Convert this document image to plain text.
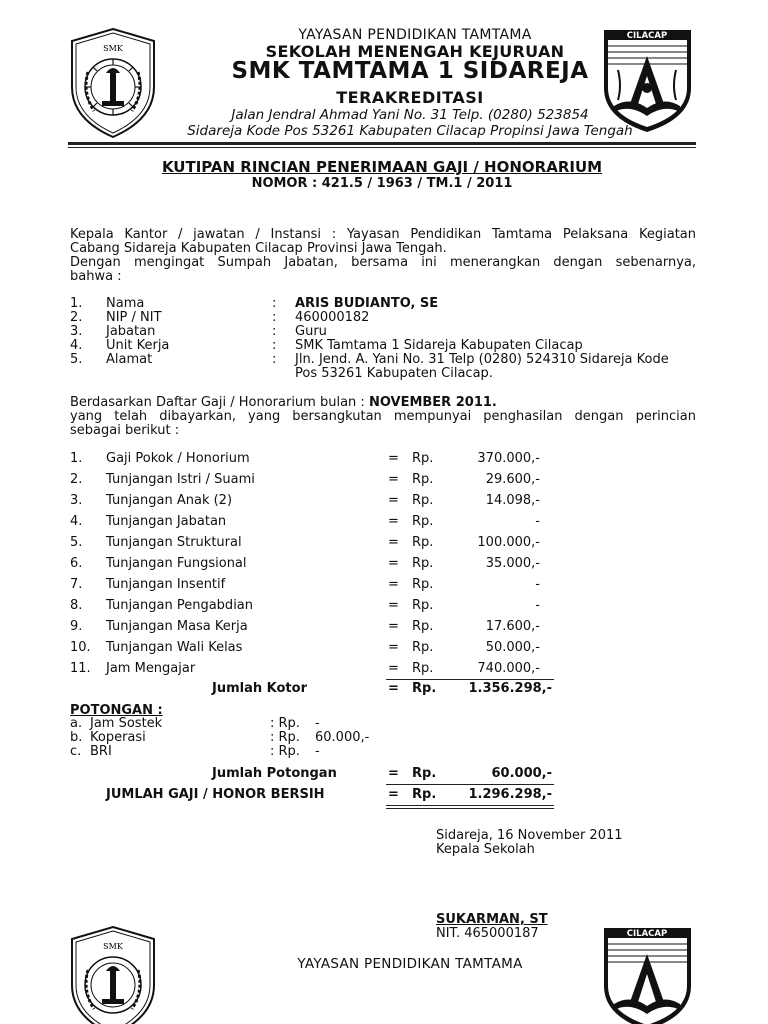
SMK
CILACAP
YAYASAN PENDIDIKAN TAMTAMA
SEKOLAH MENENGAH KEJURUAN
SMK TAMTAMA 1 SIDAREJA
TERAKREDITASI
Jalan Jendral Ahmad Yani No. 31 Telp. (0280) 523854
Sidareja Kode Pos 53261 Kabupaten Cilacap Propinsi Jawa Tengah
KUTIPAN RINCIAN PENERIMAAN GAJI / HONORARIUM
NOMOR : 421.5 / 1963 / TM.1 / 2011
Kepala Kantor / jawatan / Instansi : Yayasan Pendidikan Tamtama Pelaksana Kegiatan
Cabang Sidareja Kabupaten Cilacap Provinsi Jawa Tengah.
Dengan mengingat Sumpah Jabatan, bersama ini menerangkan dengan sebenarnya,
bahwa :
1. Nama	: ARIS BUDIANTO, SE
2. NIP / NIT	: 460000182
3. Jabatan	: Guru
4. Unit Kerja	: SMK Tamtama 1 Sidareja Kabupaten Cilacap
5. Alamat	: Jln. Jend. A. Yani No. 31 Telp (0280) 524310 Sidareja Kode
Pos 53261 Kabupaten Cilacap.
Berdasarkan Daftar Gaji / Honorarium bulan : NOVEMBER 2011.
yang telah dibayarkan, yang bersangkutan mempunyai penghasilan dengan perincian
sebagai berikut :
1. Gaji Pokok / Honorium	= Rp.	370.000,-
2. Tunjangan Istri / Suami	= Rp.	29.600,-
3. Tunjangan Anak (2)	= Rp.	14.098,-
4. Tunjangan Jabatan	= Rp.	-
5. Tunjangan Struktural	= Rp.	100.000,-
6. Tunjangan Fungsional	= Rp.	35.000,-
7. Tunjangan Insentif	= Rp.	-
8. Tunjangan Pengabdian	= Rp.	-
9. Tunjangan Masa Kerja	= Rp.	17.600,-
10. Tunjangan Wali Kelas	= Rp.	50.000,-
11. Jam Mengajar	= Rp.	740.000,-
Jumlah Kotor	= Rp.	1.356.298,-
POTONGAN :
a. Jam Sostek	: Rp. -
b. Koperasi	: Rp. 60.000,-
c. BRI	: Rp. -
Jumlah Potongan	= Rp.	60.000,-
JUMLAH GAJI / HONOR BERSIH	= Rp.	1.296.298,-
Sidareja, 16 November 2011
Kepala Sekolah
SUKARMAN, ST
NIT. 465000187
SMK
CILACAP
YAYASAN PENDIDIKAN TAMTAMA
